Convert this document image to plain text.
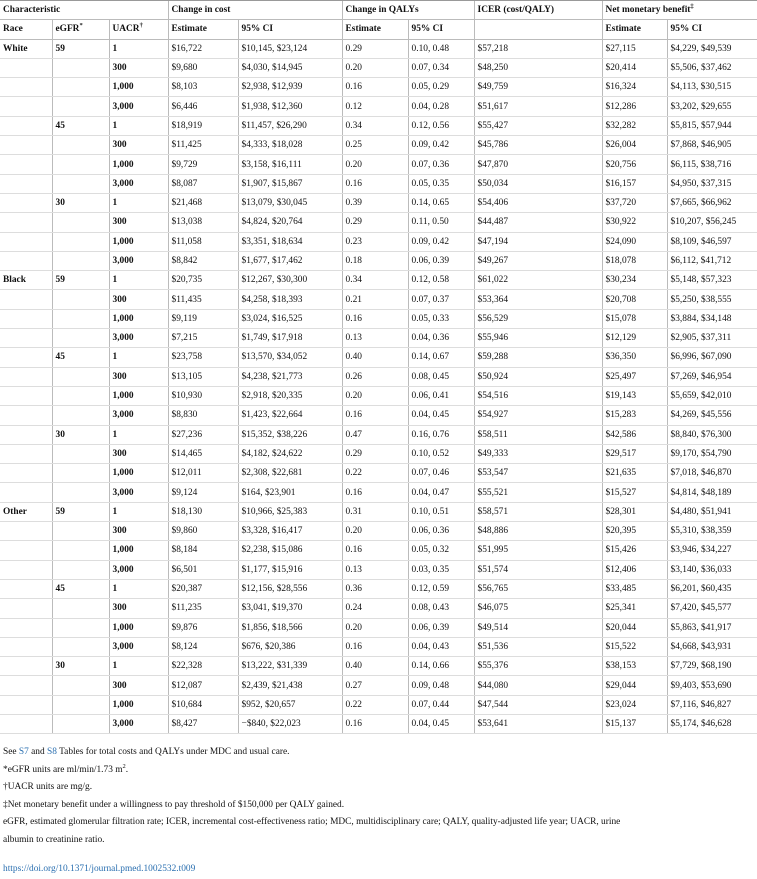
Characteristic			Change in cost		Change in QALYs		ICER (cost/QALY)	Net monetary benefit‡
Race	eGFR*	UACR†	Estimate	95% CI	Estimate	95% CI		Estimate	95% CI
White	59	1	$16,722	$10,145, $23,124	0.29	0.10, 0.48	$57,218	$27,115	$4,229, $49,539
		300	$9,680	$4,030, $14,945	0.20	0.07, 0.34	$48,250	$20,414	$5,506, $37,462
		1,000	$8,103	$2,938, $12,939	0.16	0.05, 0.29	$49,759	$16,324	$4,113, $30,515
		3,000	$6,446	$1,938, $12,360	0.12	0.04, 0.28	$51,617	$12,286	$3,202, $29,655
	45	1	$18,919	$11,457, $26,290	0.34	0.12, 0.56	$55,427	$32,282	$5,815, $57,944
		300	$11,425	$4,333, $18,028	0.25	0.09, 0.42	$45,786	$26,004	$7,868, $46,905
		1,000	$9,729	$3,158, $16,111	0.20	0.07, 0.36	$47,870	$20,756	$6,115, $38,716
		3,000	$8,087	$1,907, $15,867	0.16	0.05, 0.35	$50,034	$16,157	$4,950, $37,315
	30	1	$21,468	$13,079, $30,045	0.39	0.14, 0.65	$54,406	$37,720	$7,665, $66,962
		300	$13,038	$4,824, $20,764	0.29	0.11, 0.50	$44,487	$30,922	$10,207, $56,245
		1,000	$11,058	$3,351, $18,634	0.23	0.09, 0.42	$47,194	$24,090	$8,109, $46,597
		3,000	$8,842	$1,677, $17,462	0.18	0.06, 0.39	$49,267	$18,078	$6,112, $41,712
Black	59	1	$20,735	$12,267, $30,300	0.34	0.12, 0.58	$61,022	$30,234	$5,148, $57,323
		300	$11,435	$4,258, $18,393	0.21	0.07, 0.37	$53,364	$20,708	$5,250, $38,555
		1,000	$9,119	$3,024, $16,525	0.16	0.05, 0.33	$56,529	$15,078	$3,884, $34,148
		3,000	$7,215	$1,749, $17,918	0.13	0.04, 0.36	$55,946	$12,129	$2,905, $37,311
	45	1	$23,758	$13,570, $34,052	0.40	0.14, 0.67	$59,288	$36,350	$6,996, $67,090
		300	$13,105	$4,238, $21,773	0.26	0.08, 0.45	$50,924	$25,497	$7,269, $46,954
		1,000	$10,930	$2,918, $20,335	0.20	0.06, 0.41	$54,516	$19,143	$5,659, $42,010
		3,000	$8,830	$1,423, $22,664	0.16	0.04, 0.45	$54,927	$15,283	$4,269, $45,556
	30	1	$27,236	$15,352, $38,226	0.47	0.16, 0.76	$58,511	$42,586	$8,840, $76,300
		300	$14,465	$4,182, $24,622	0.29	0.10, 0.52	$49,333	$29,517	$9,170, $54,790
		1,000	$12,011	$2,308, $22,681	0.22	0.07, 0.46	$53,547	$21,635	$7,018, $46,870
		3,000	$9,124	$164, $23,901	0.16	0.04, 0.47	$55,521	$15,527	$4,814, $48,189
Other	59	1	$18,130	$10,966, $25,383	0.31	0.10, 0.51	$58,571	$28,301	$4,480, $51,941
		300	$9,860	$3,328, $16,417	0.20	0.06, 0.36	$48,886	$20,395	$5,310, $38,359
		1,000	$8,184	$2,238, $15,086	0.16	0.05, 0.32	$51,995	$15,426	$3,946, $34,227
		3,000	$6,501	$1,177, $15,916	0.13	0.03, 0.35	$51,574	$12,406	$3,140, $36,033
	45	1	$20,387	$12,156, $28,556	0.36	0.12, 0.59	$56,765	$33,485	$6,201, $60,435
		300	$11,235	$3,041, $19,370	0.24	0.08, 0.43	$46,075	$25,341	$7,420, $45,577
		1,000	$9,876	$1,856, $18,566	0.20	0.06, 0.39	$49,514	$20,044	$5,863, $41,917
		3,000	$8,124	$676, $20,386	0.16	0.04, 0.43	$51,536	$15,522	$4,668, $43,931
	30	1	$22,328	$13,222, $31,339	0.40	0.14, 0.66	$55,376	$38,153	$7,729, $68,190
		300	$12,087	$2,439, $21,438	0.27	0.09, 0.48	$44,080	$29,044	$9,403, $53,690
		1,000	$10,684	$952, $20,657	0.22	0.07, 0.44	$47,544	$23,024	$7,116, $46,827
		3,000	$8,427	−$840, $22,023	0.16	0.04, 0.45	$53,641	$15,137	$5,174, $46,628

See S7 and S8 Tables for total costs and QALYs under MDC and usual care.

*eGFR units are ml/min/1.73 $m^2$.

†UACR units are mg/g.

‡Net monetary benefit under a willingness to pay threshold of $150,000 per QALY gained.

eGFR, estimated glomerular filtration rate; ICER, incremental cost-effectiveness ratio; MDC, multidisciplinary care; QALY, quality-adjusted life year; UACR, urine
albumin to creatinine ratio.

https://doi.org/10.1371/journal.pmed.1002532.t009
